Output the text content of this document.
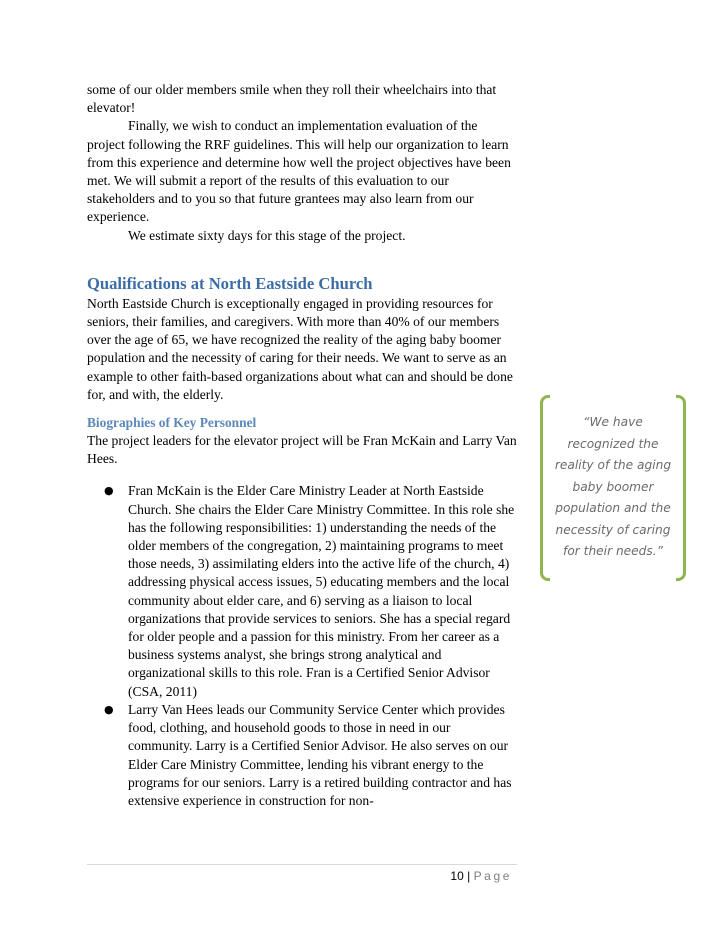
some of our older members smile when they roll their wheelchairs into that elevator!

Finally, we wish to conduct an implementation evaluation of the project following the RRF guidelines. This will help our organization to learn from this experience and determine how well the project objectives have been met. We will submit a report of the results of this evaluation to our stakeholders and to you so that future grantees may also learn from our experience.

We estimate sixty days for this stage of the project.

Qualifications at North Eastside Church

North Eastside Church is exceptionally engaged in providing resources for seniors, their families, and caregivers. With more than 40% of our members over the age of 65, we have recognized the reality of the aging baby boomer population and the necessity of caring for their needs. We want to serve as an example to other faith-based organizations about what can and should be done for, and with, the elderly.

Biographies of Key Personnel

The project leaders for the elevator project will be Fran McKain and Larry Van Hees.

● Fran McKain is the Elder Care Ministry Leader at North Eastside Church. She chairs the Elder Care Ministry Committee. In this role she has the following responsibilities: 1) understanding the needs of the older members of the congregation, 2) maintaining programs to meet those needs, 3) assimilating elders into the active life of the church, 4) addressing physical access issues, 5) educating members and the local community about elder care, and 6) serving as a liaison to local organizations that provide services to seniors. She has a special regard for older people and a passion for this ministry. From her career as a business systems analyst, she brings strong analytical and organizational skills to this role. Fran is a Certified Senior Advisor (CSA, 2011)
● Larry Van Hees leads our Community Service Center which provides food, clothing, and household goods to those in need in our community. Larry is a Certified Senior Advisor. He also serves on our Elder Care Ministry Committee, lending his vibrant energy to the programs for our seniors. Larry is a retired building contractor and has extensive experience in construction for non-
“We have recognized the reality of the aging baby boomer population and the necessity of caring for their needs.”
10 | Page
